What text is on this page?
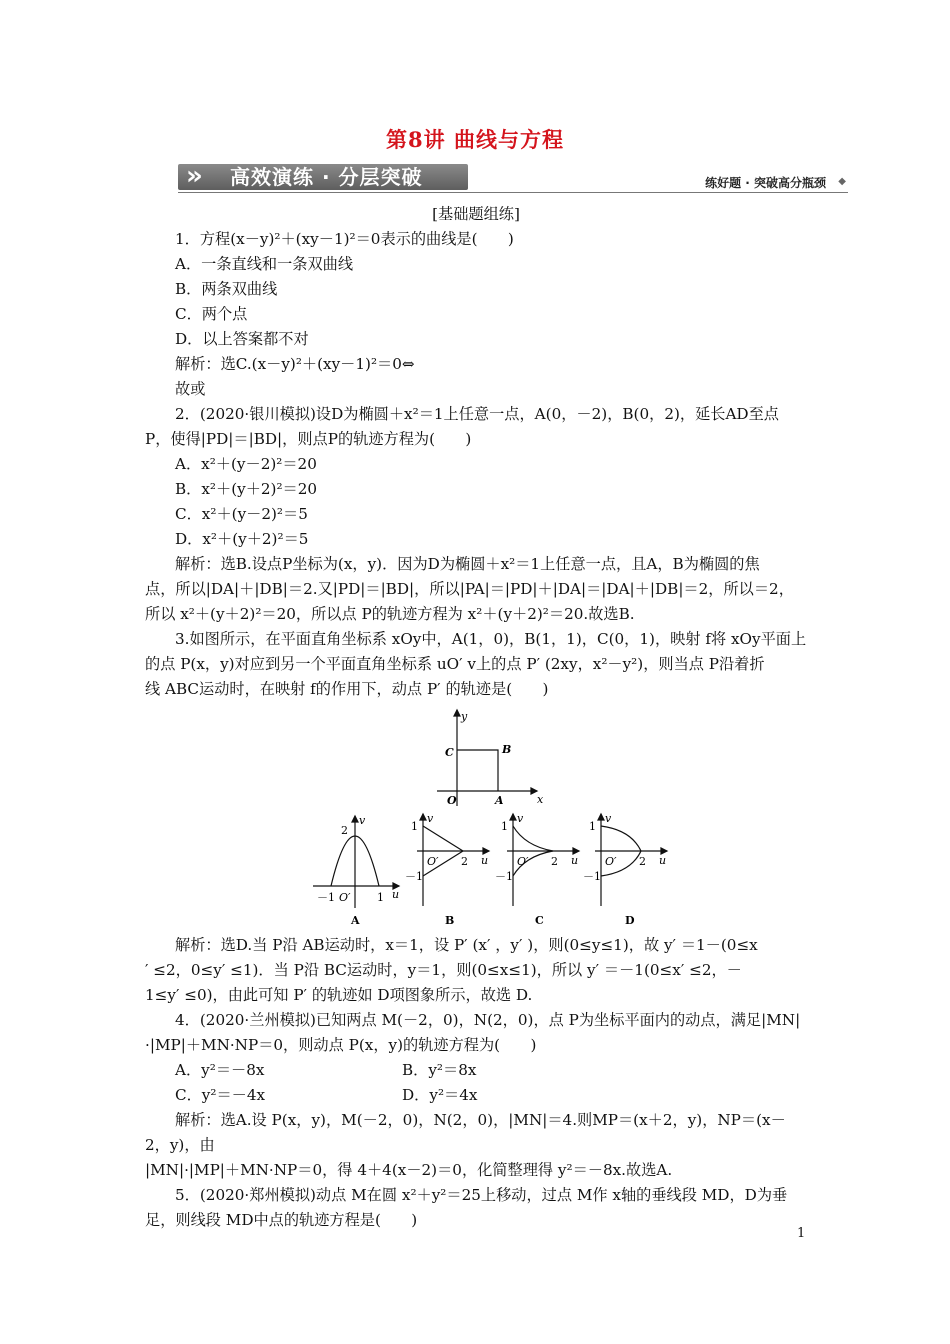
第8讲 曲线与方程
» 高效演练 · 分层突破	练好题 · 突破高分瓶颈 ◆

[基础题组练]

1．方程(x－y)²＋(xy－1)²＝0表示的曲线是(　　)

A．一条直线和一条双曲线

B．两条双曲线

C．两个点

D．以上答案都不对

解析：选C.(x－y)²＋(xy－1)²＝0⇔

故或

2．(2020·银川模拟)设D为椭圆＋x²＝1上任意一点，A(0，－2)，B(0，2)，延长AD至点

P，使得|PD|＝|BD|，则点P的轨迹方程为(　　)

A．x²＋(y－2)²＝20

B．x²＋(y＋2)²＝20

C．x²＋(y－2)²＝5

D．x²＋(y＋2)²＝5

解析：选B.设点P坐标为(x，y)．因为D为椭圆＋x²＝1上任意一点，且A，B为椭圆的焦

点，所以|DA|＋|DB|＝2.又|PD|＝|BD|，所以|PA|＝|PD|＋|DA|＝|DA|＋|DB|＝2，所以＝2，

所以 x²＋(y＋2)²＝20，所以点 P的轨迹方程为 x²＋(y＋2)²＝20.故选B.

3.如图所示，在平面直角坐标系 xOy中，A(1，0)，B(1，1)，C(0，1)，映射 f将 xOy平面上

的点 P(x，y)对应到另一个平面直角坐标系 uO′ v上的点 P′ (2xy，x²－y²)，则当点 P沿着折

线 ABC运动时，在映射 f的作用下，动点 P′ 的轨迹是(　　)

y
x
O	A
B
C
2
－1	1
v
u
O′
A
1
2
－1
v
u
O′
B
1
2
－1
v
u
O′
C
1
2
－1
v
u
O′
D

解析：选D.当 P沿 AB运动时，x＝1，设 P′ (x′ ，y′ )，则(0≤y≤1)，故 y′ ＝1－(0≤x

′ ≤2，0≤y′ ≤1)．当 P沿 BC运动时，y＝1，则(0≤x≤1)，所以 y′ ＝－1(0≤x′ ≤2，－

1≤y′ ≤0)，由此可知 P′ 的轨迹如 D项图象所示，故选 D.

4．(2020·兰州模拟)已知两点 M(－2，0)，N(2，0)，点 P为坐标平面内的动点，满足|MN|

·|MP|＋MN·NP＝0，则动点 P(x，y)的轨迹方程为(　　)

A．y²＝－8x	B．y²＝8x
C．y²＝－4x	D．y²＝4x

解析：选A.设 P(x，y)，M(－2，0)，N(2，0)，|MN|＝4.则MP＝(x＋2，y)，NP＝(x－2，y)，由

|MN|·|MP|＋MN·NP＝0，得 4＋4(x－2)＝0，化简整理得 y²＝－8x.故选A.

5．(2020·郑州模拟)动点 M在圆 x²＋y²＝25上移动，过点 M作 x轴的垂线段 MD，D为垂

足，则线段 MD中点的轨迹方程是(　　)

1
